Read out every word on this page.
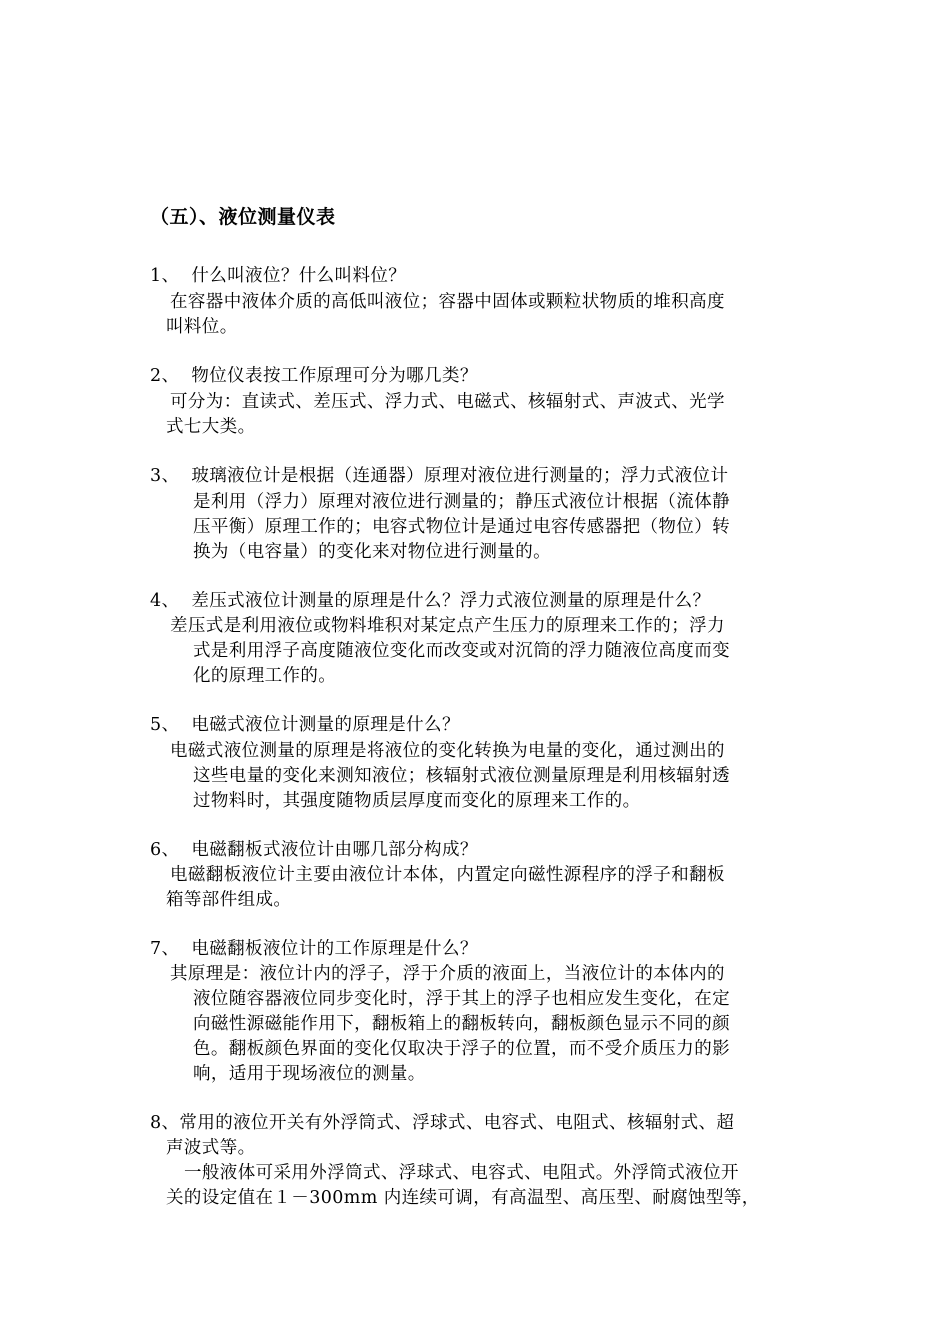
（五）、液位测量仪表
1、  什么叫液位？什么叫料位？
在容器中液体介质的高低叫液位；容器中固体或颗粒状物质的堆积高度
叫料位。
2、  物位仪表按工作原理可分为哪几类？
可分为：直读式、差压式、浮力式、电磁式、核辐射式、声波式、光学
式七大类。
3、  玻璃液位计是根据（连通器）原理对液位进行测量的；浮力式液位计
是利用（浮力）原理对液位进行测量的；静压式液位计根据（流体静
压平衡）原理工作的；电容式物位计是通过电容传感器把（物位）转
换为（电容量）的变化来对物位进行测量的。
4、  差压式液位计测量的原理是什么？浮力式液位测量的原理是什么？
差压式是利用液位或物料堆积对某定点产生压力的原理来工作的；浮力
式是利用浮子高度随液位变化而改变或对沉筒的浮力随液位高度而变
化的原理工作的。
5、  电磁式液位计测量的原理是什么？
电磁式液位测量的原理是将液位的变化转换为电量的变化，通过测出的
这些电量的变化来测知液位；核辐射式液位测量原理是利用核辐射透
过物料时，其强度随物质层厚度而变化的原理来工作的。
6、  电磁翻板式液位计由哪几部分构成？
电磁翻板液位计主要由液位计本体，内置定向磁性源程序的浮子和翻板
箱等部件组成。
7、  电磁翻板液位计的工作原理是什么？
其原理是：液位计内的浮子，浮于介质的液面上，当液位计的本体内的
液位随容器液位同步变化时，浮于其上的浮子也相应发生变化，在定
向磁性源磁能作用下，翻板箱上的翻板转向，翻板颜色显示不同的颜
色。翻板颜色界面的变化仅取决于浮子的位置，而不受介质压力的影
响，适用于现场液位的测量。
8、常用的液位开关有外浮筒式、浮球式、电容式、电阻式、核辐射式、超
声波式等。
一般液体可采用外浮筒式、浮球式、电容式、电阻式。外浮筒式液位开
关的设定值在１－300mm 内连续可调，有高温型、高压型、耐腐蚀型等，
